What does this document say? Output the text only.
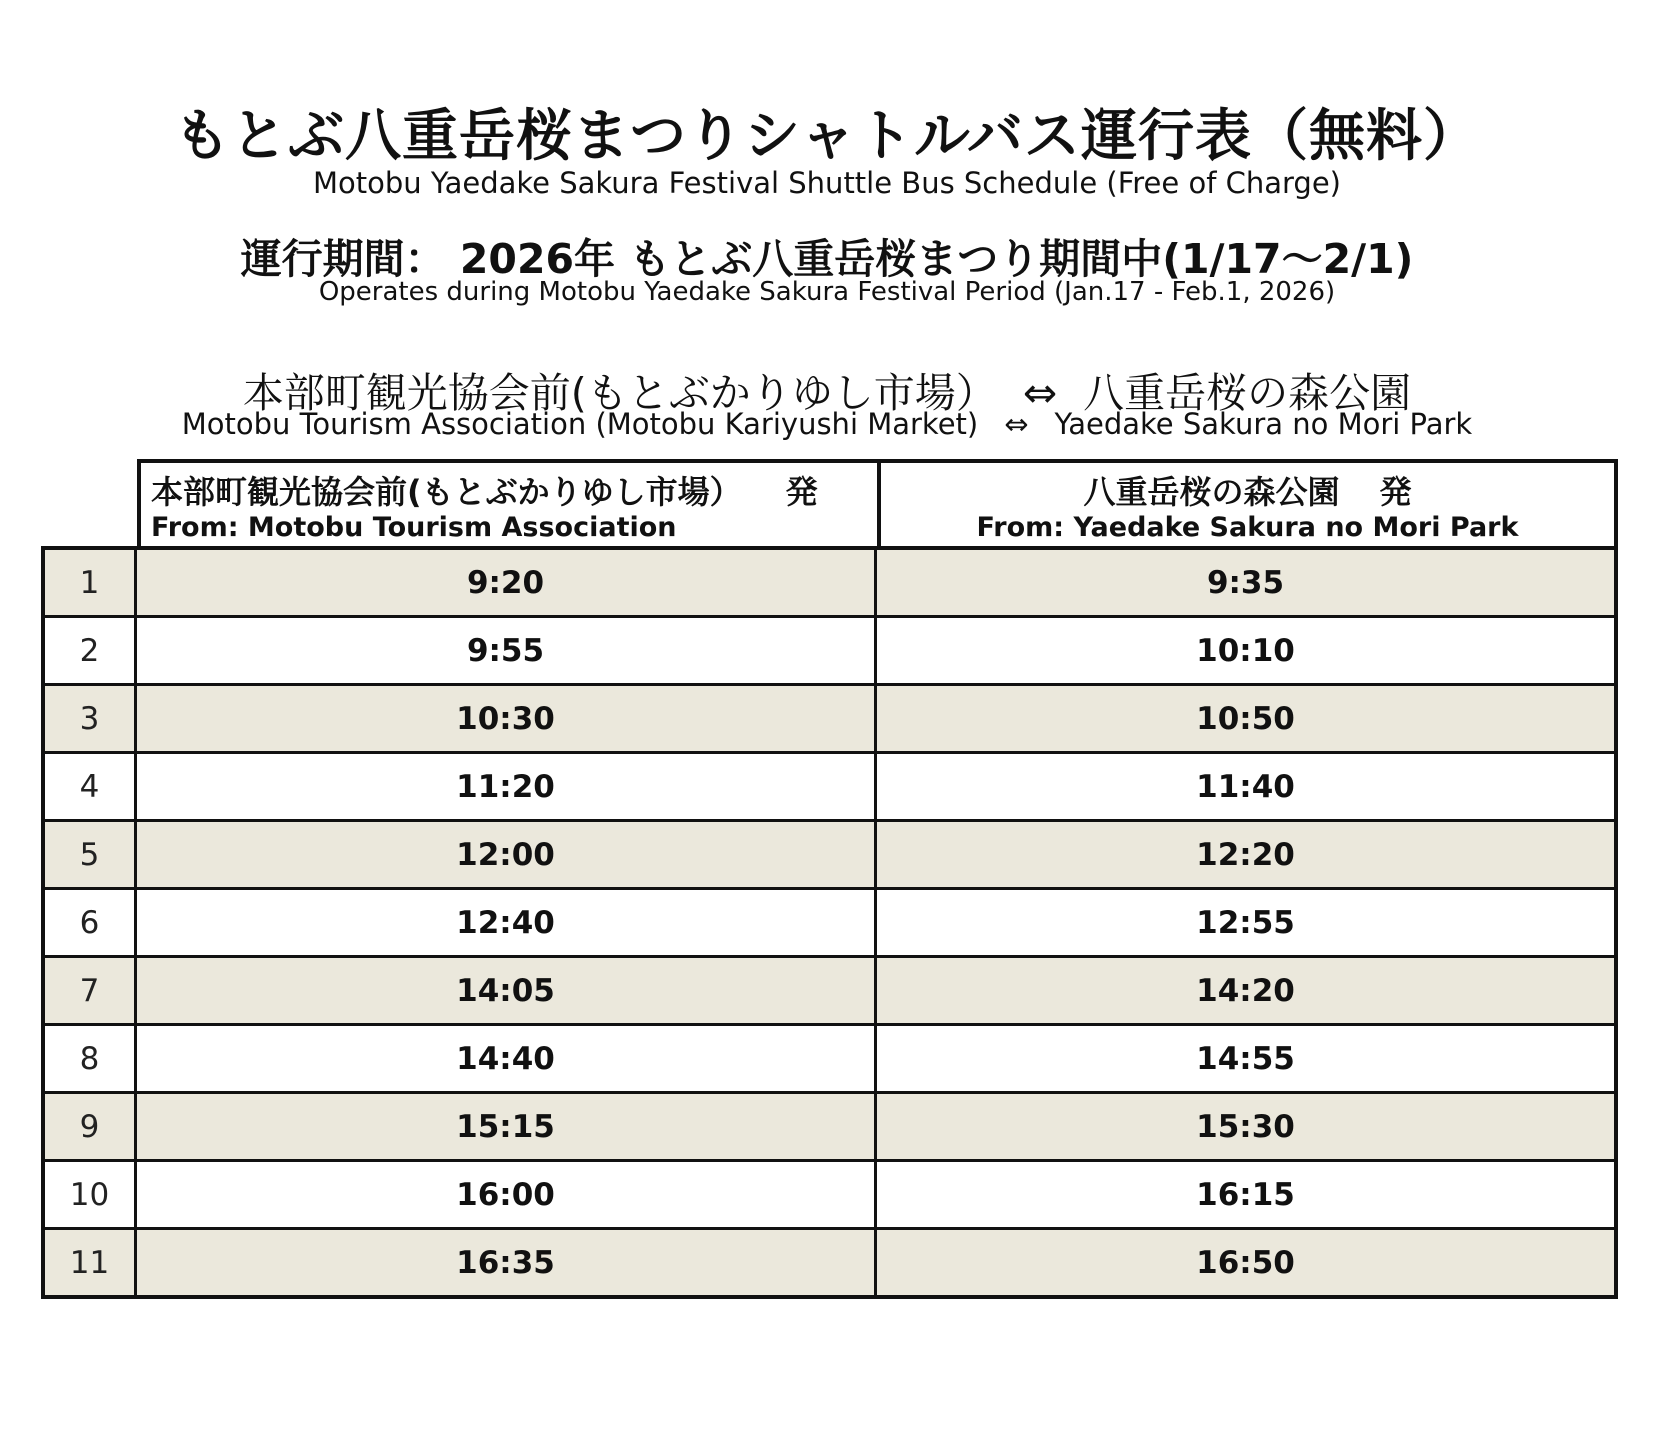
もとぶ八重岳桜まつりシャトルバス運行表（無料）
Motobu Yaedake Sakura Festival Shuttle Bus Schedule (Free of Charge)
運行期間： 2026年 もとぶ八重岳桜まつり期間中(1/17～2/1)
Operates during Motobu Yaedake Sakura Festival Period (Jan.17 - Feb.1, 2026)
本部町観光協会前(もとぶかりゆし市場） ⇔ 八重岳桜の森公園
Motobu Tourism Association (Motobu Kariyushi Market) ⇔ Yaedake Sakura no Mori Park
本部町観光協会前(もとぶかりゆし市場） 発
From: Motobu Tourism Association
八重岳桜の森公園 発
From: Yaedake Sakura no Mori Park
1	9:20	9:35
2	9:55	10:10
3	10:30	10:50
4	11:20	11:40
5	12:00	12:20
6	12:40	12:55
7	14:05	14:20
8	14:40	14:55
9	15:15	15:30
10	16:00	16:15
11	16:35	16:50
